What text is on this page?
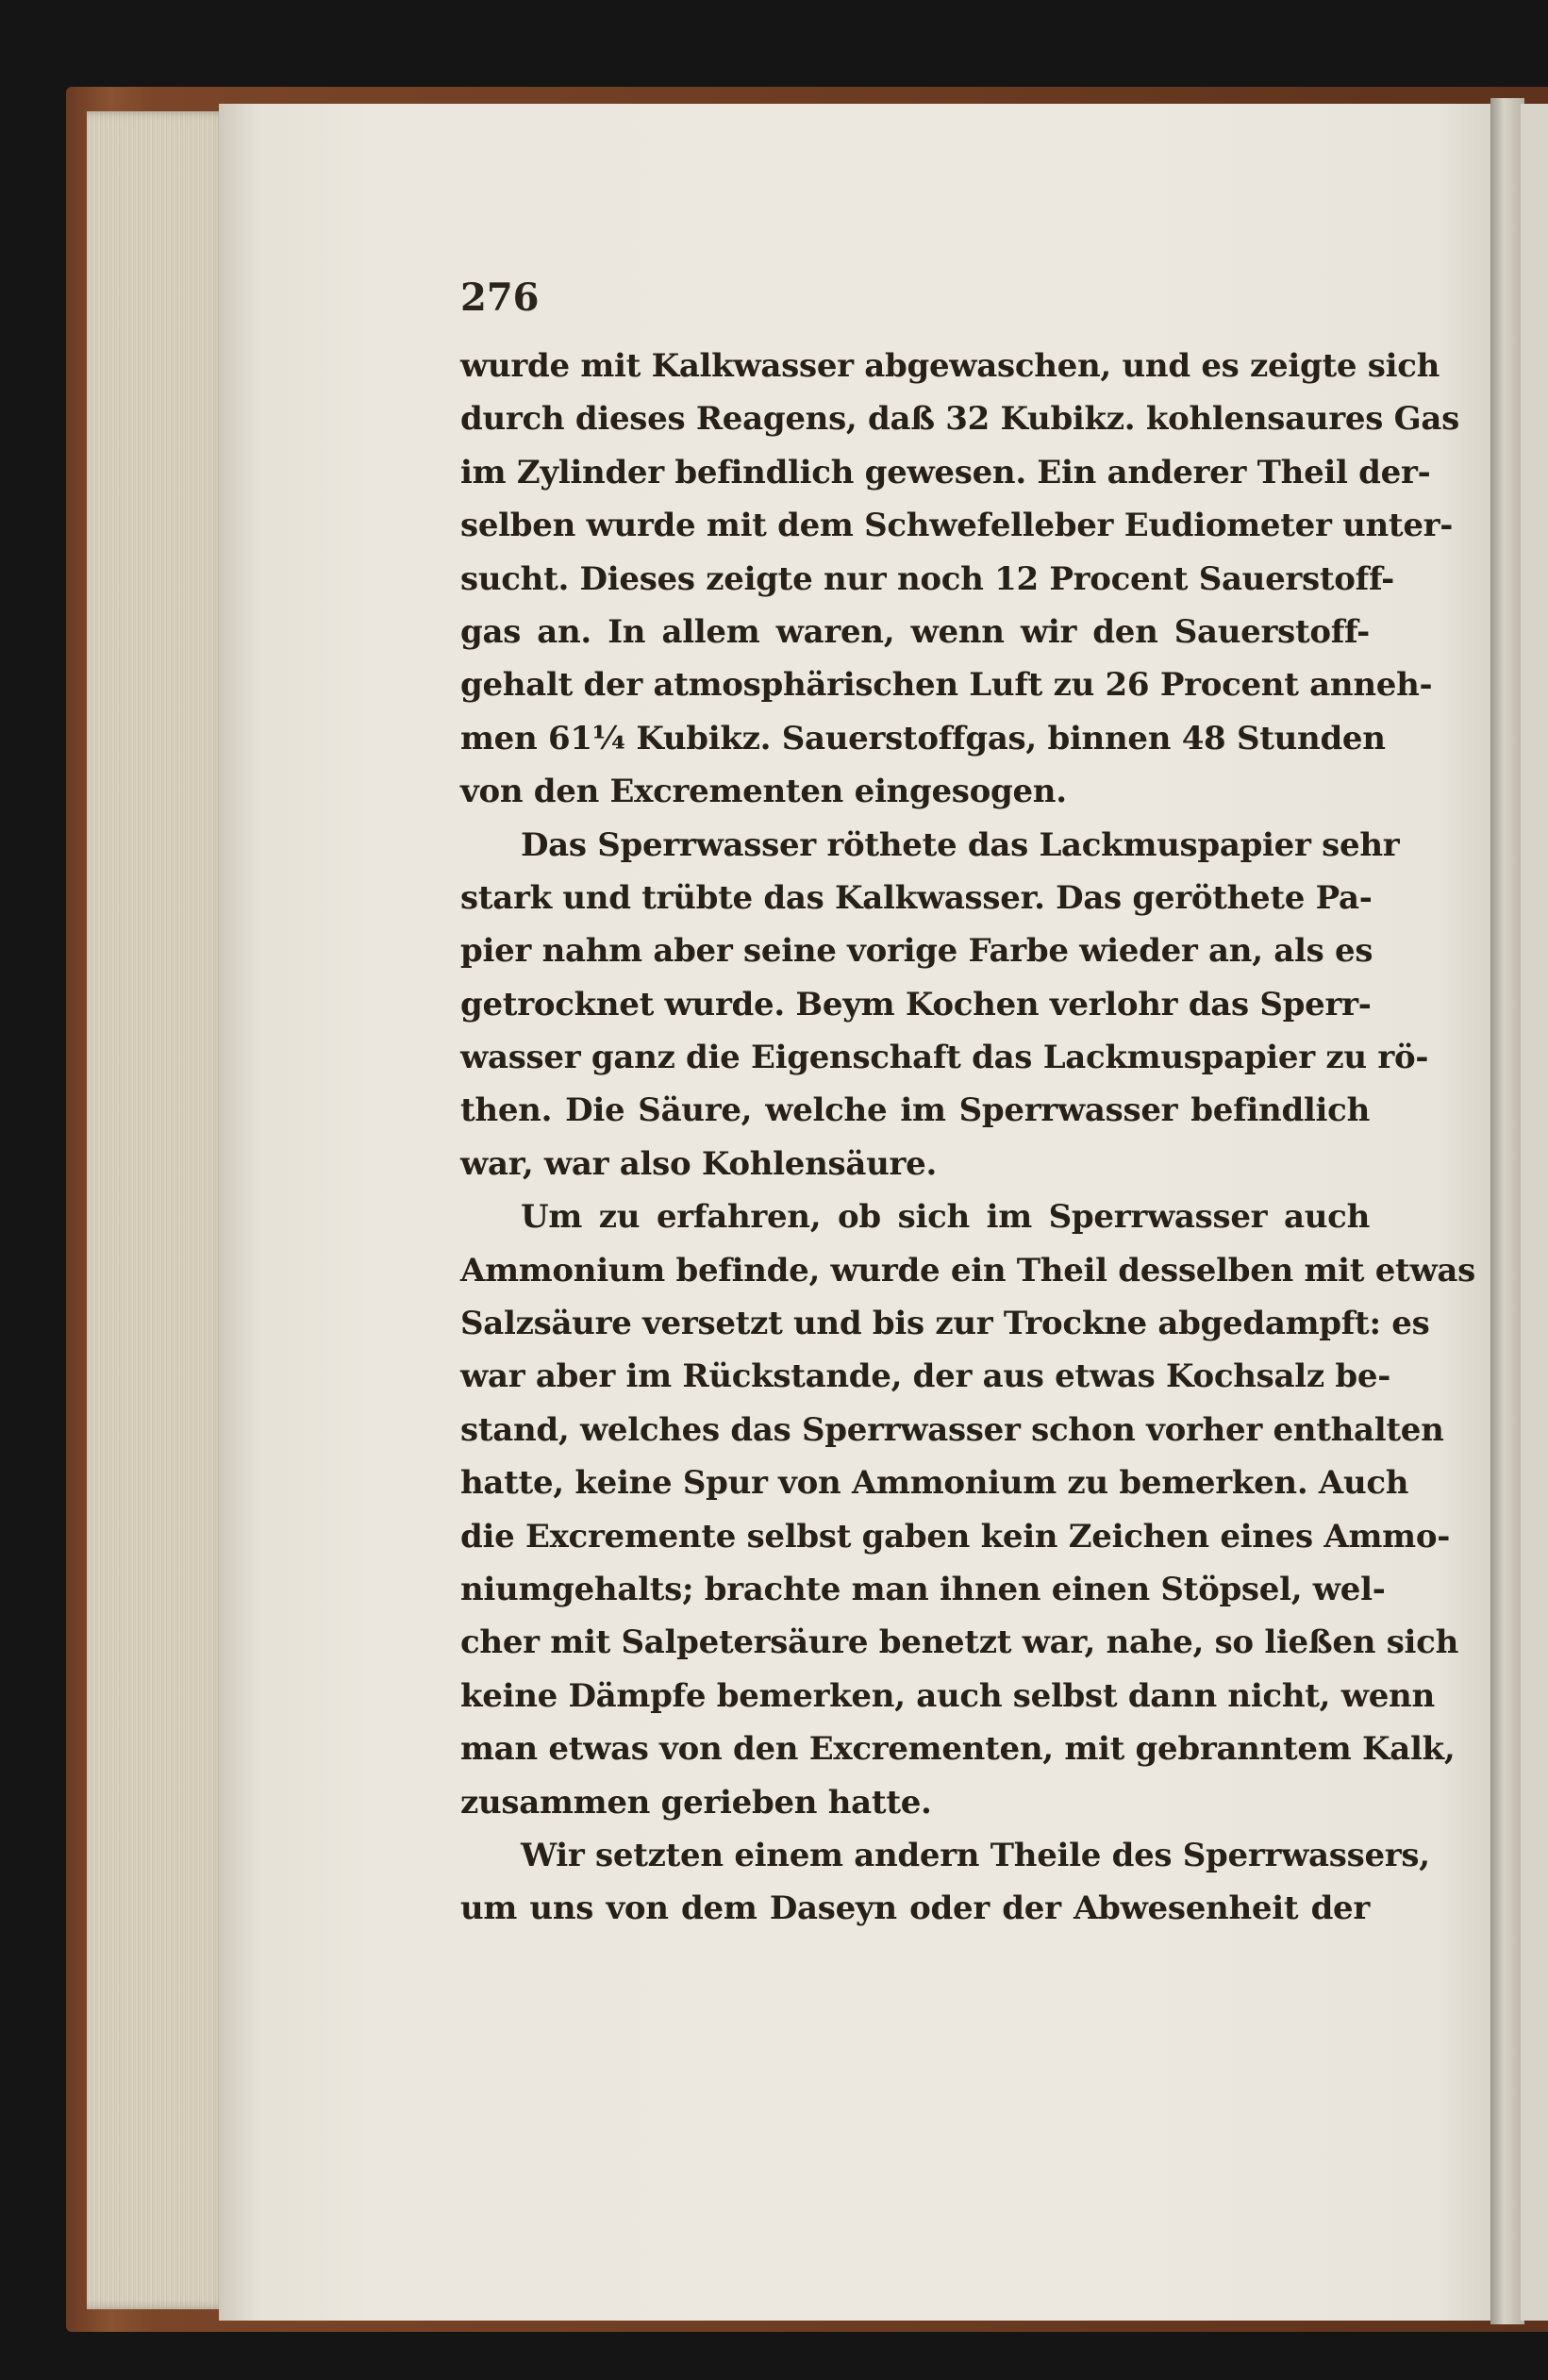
276
wurde mit Kalkwasser abgewaschen, und es zeigte sich
durch dieses Reagens, daß 32 Kubikz. kohlensaures Gas
im Zylinder befindlich gewesen. Ein anderer Theil der-
selben wurde mit dem Schwefelleber Eudiometer unter-
sucht. Dieses zeigte nur noch 12 Procent Sauerstoff-
gas an. In allem waren, wenn wir den Sauerstoff-
gehalt der atmosphärischen Luft zu 26 Procent anneh-
men 61¼ Kubikz. Sauerstoffgas, binnen 48 Stunden
von den Excrementen eingesogen.
Das Sperrwasser röthete das Lackmuspapier sehr
stark und trübte das Kalkwasser. Das geröthete Pa-
pier nahm aber seine vorige Farbe wieder an, als es
getrocknet wurde. Beym Kochen verlohr das Sperr-
wasser ganz die Eigenschaft das Lackmuspapier zu rö-
then. Die Säure, welche im Sperrwasser befindlich
war, war also Kohlensäure.
Um zu erfahren, ob sich im Sperrwasser auch
Ammonium befinde, wurde ein Theil desselben mit etwas
Salzsäure versetzt und bis zur Trockne abgedampft: es
war aber im Rückstande, der aus etwas Kochsalz be-
stand, welches das Sperrwasser schon vorher enthalten
hatte, keine Spur von Ammonium zu bemerken. Auch
die Excremente selbst gaben kein Zeichen eines Ammo-
niumgehalts; brachte man ihnen einen Stöpsel, wel-
cher mit Salpetersäure benetzt war, nahe, so ließen sich
keine Dämpfe bemerken, auch selbst dann nicht, wenn
man etwas von den Excrementen, mit gebranntem Kalk,
zusammen gerieben hatte.
Wir setzten einem andern Theile des Sperrwassers,
um uns von dem Daseyn oder der Abwesenheit der
